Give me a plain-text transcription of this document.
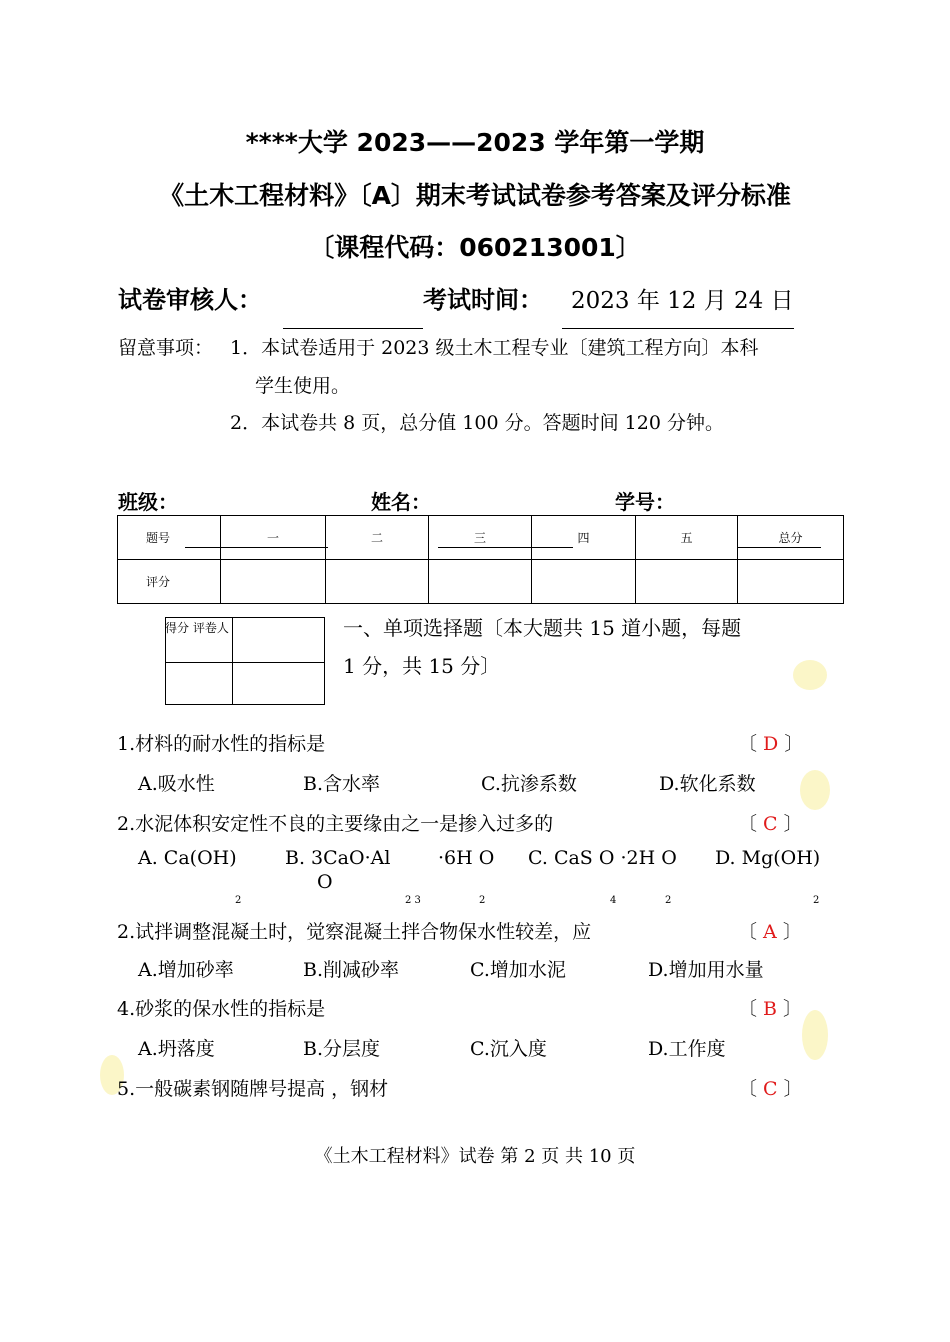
****大学 2023——2023 学年第一学期
《土木工程材料》〔A〕期末考试试卷参考答案及评分标准
〔课程代码：060213001〕
试卷审核人：	考试时间： 2023 年 12 月 24 日
留意事项： 1．本试卷适用于 2023 级土木工程专业〔建筑工程方向〕本科
学生使用。
2．本试卷共 8 页，总分值 100 分。答题时间 120 分钟。
班级：	姓名：	学号：
题号	一	二	三	四	五	总分
评分						
得分 评卷人	一、单项选择题〔本大题共 15 道小题，每题
1 分，共 15 分〕
1.材料的耐水性的指标是	〔 D 〕
A.吸水性	B.含水率	C.抗渗系数	D.软化系数
2.水泥体积安定性不良的主要缘由之一是掺入过多的	〔 C 〕
A. Ca(OH)	B. 3CaO·Al	·6H O C. CaS O ·2H O D. Mg(OH)
O
2	2 3	2	4	2	2
2.试拌调整混凝土时，觉察混凝土拌合物保水性较差，应	〔 A 〕
A.增加砂率	B.削减砂率	C.增加水泥	D.增加用水量
4.砂浆的保水性的指标是	〔 B 〕
A.坍落度	B.分层度	C.沉入度	D.工作度
5.一般碳素钢随牌号提高 ，钢材	〔 C 〕
《土木工程材料》试卷 第 2 页 共 10 页
